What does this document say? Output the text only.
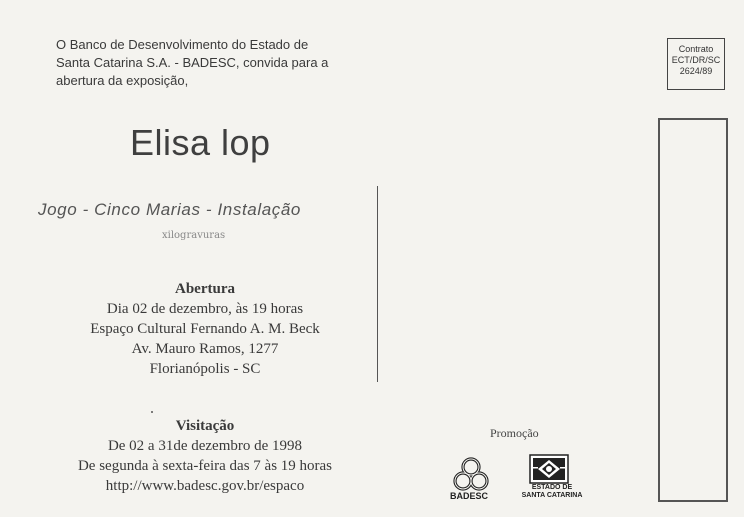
O Banco de Desenvolvimento do Estado de
Santa Catarina S.A. - BADESC, convida para a
abertura da exposição,
Elisa lop
Jogo - Cinco Marias - Instalação
xilogravuras
Abertura
Dia 02 de dezembro, às 19 horas
Espaço Cultural Fernando A. M. Beck
Av. Mauro Ramos, 1277
Florianópolis - SC
Visitação
De 02 a 31de dezembro de 1998
De segunda à sexta-feira das 7 às 19 horas
http://www.badesc.gov.br/espaco
Contrato
ECT/DR/SC
2624/89
Promoção
BADESC
ESTADO DE
SANTA CATARINA
